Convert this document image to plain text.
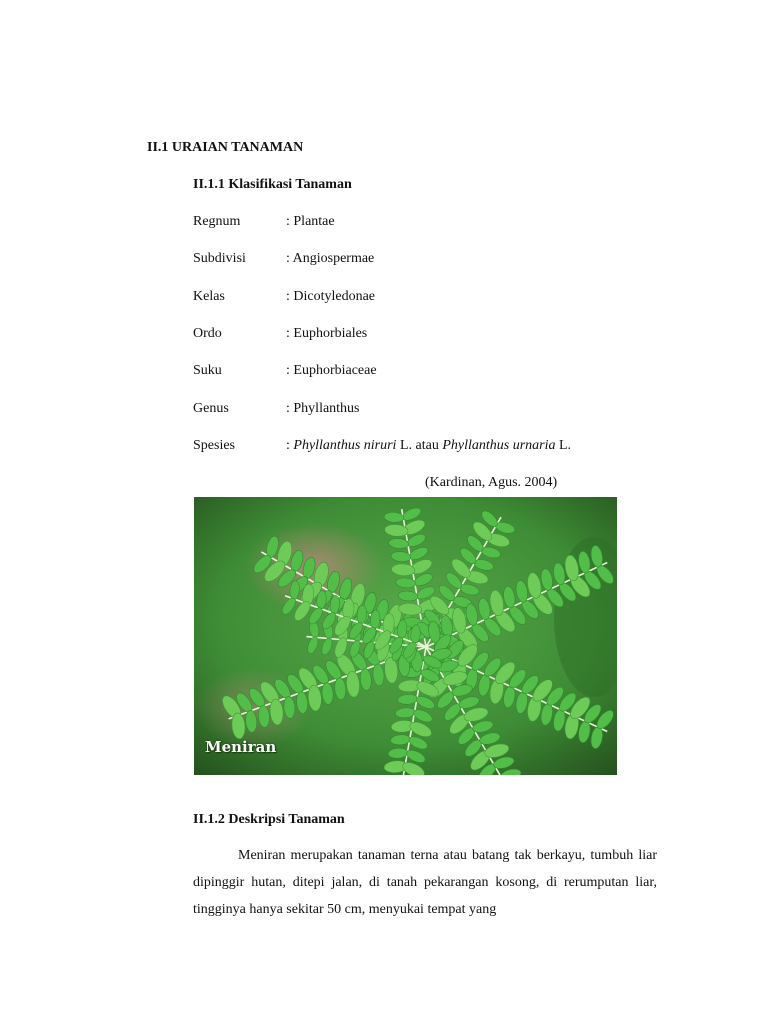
II.1 URAIAN TANAMAN
II.1.1 Klasifikasi Tanaman
Regnum	: Plantae
Subdivisi	: Angiospermae
Kelas	: Dicotyledonae
Ordo	: Euphorbiales
Suku	: Euphorbiaceae
Genus	: Phyllanthus
Spesies	: Phyllanthus niruri L. atau Phyllanthus urnaria L.
(Kardinan, Agus. 2004)
Meniran
II.1.2 Deskripsi Tanaman

Meniran merupakan tanaman terna atau batang tak berkayu, tumbuh liar dipinggir hutan, ditepi jalan, di tanah pekarangan kosong, di rerumputan liar, tingginya hanya sekitar 50 cm, menyukai tempat yang
